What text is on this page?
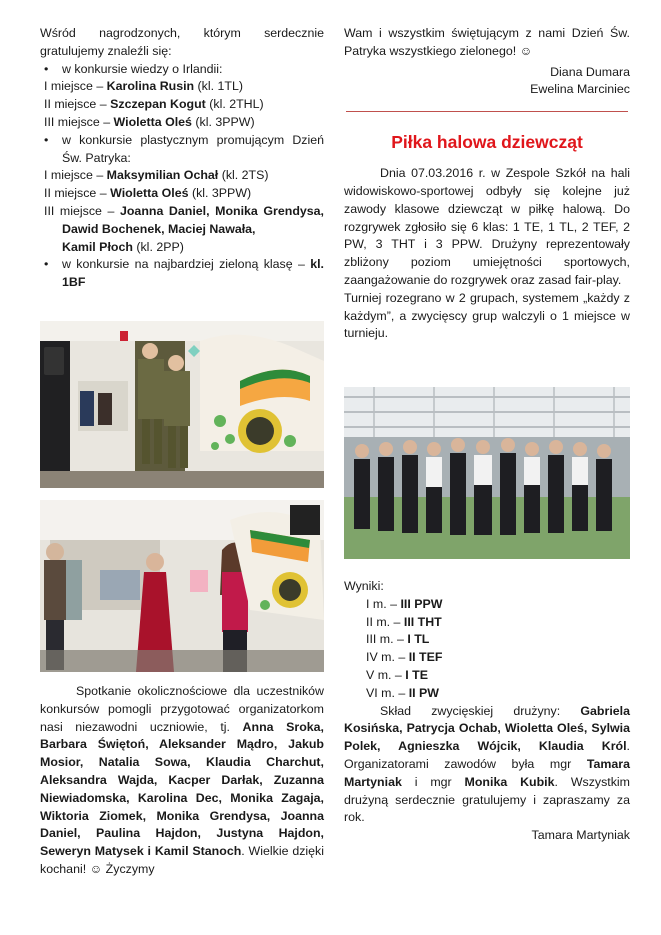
Wśród nagrodzonych, którym serdecznie gratulujemy znaleźli się:

• w konkursie wiedzy o Irlandii:

I miejsce – Karolina Rusin (kl. 1TL)

II miejsce – Szczepan Kogut (kl. 2THL)

III miejsce – Wioletta Oleś (kl. 3PPW)

• w konkursie plastycznym promującym Dzień Św. Patryka:

I miejsce – Maksymilian Ochał (kl. 2TS)

II miejsce – Wioletta Oleś (kl. 3PPW)

III miejsce – Joanna Daniel, Monika Grendysa, Dawid Bochenek, Maciej Nawała,

Kamil Płoch (kl. 2PP)

• w konkursie na najbardziej zieloną klasę – kl. 1BF

Spotkanie okolicznościowe dla uczestników konkursów pomogli przygotować organizatorkom nasi niezawodni uczniowie, tj. Anna Sroka, Barbara Świętoń, Aleksander Mądro, Jakub Mosior, Natalia Sowa, Klaudia Charchut, Aleksandra Wajda, Kacper Darłak, Zuzanna Niewiadomska, Karolina Dec, Monika Zagaja, Wiktoria Ziomek, Monika Grendysa, Joanna Daniel, Paulina Hajdon, Justyna Hajdon, Seweryn Matysek i Kamil Stanoch. Wielkie dzięki kochani! ☺ Życzymy

Wam i wszystkim świętującym z nami Dzień Św. Patryka wszystkiego zielonego! ☺

Diana Dumara

Ewelina Marciniec

Piłka halowa dziewcząt

Dnia 07.03.2016 r. w Zespole Szkół na hali widowiskowo-sportowej odbyły się kolejne już zawody klasowe dziewcząt w piłkę halową. Do rozgrywek zgłosiło się 6 klas: 1 TE, 1 TL, 2 TEF, 2 PW, 3 THT i 3 PPW. Drużyny reprezentowały zbliżony poziom umiejętności sportowych, zaangażowanie do rozgrywek oraz zasad fair-play.

Turniej rozegrano w 2 grupach, systemem „każdy z każdym”, a zwycięscy grup walczyli o 1 miejsce w turnieju.

Wyniki:

I m. – III PPW

II m. – III THT

III m. – I TL

IV m. – II TEF

V m. – I TE

VI m. – II PW

Skład zwycięskiej drużyny: Gabriela Kosińska, Patrycja Ochab, Wioletta Oleś, Sylwia Polek, Agnieszka Wójcik, Klaudia Król. Organizatorami zawodów była mgr Tamara Martyniak i mgr Monika Kubik. Wszystkim drużyną serdecznie gratulujemy i zapraszamy za rok.

Tamara Martyniak
